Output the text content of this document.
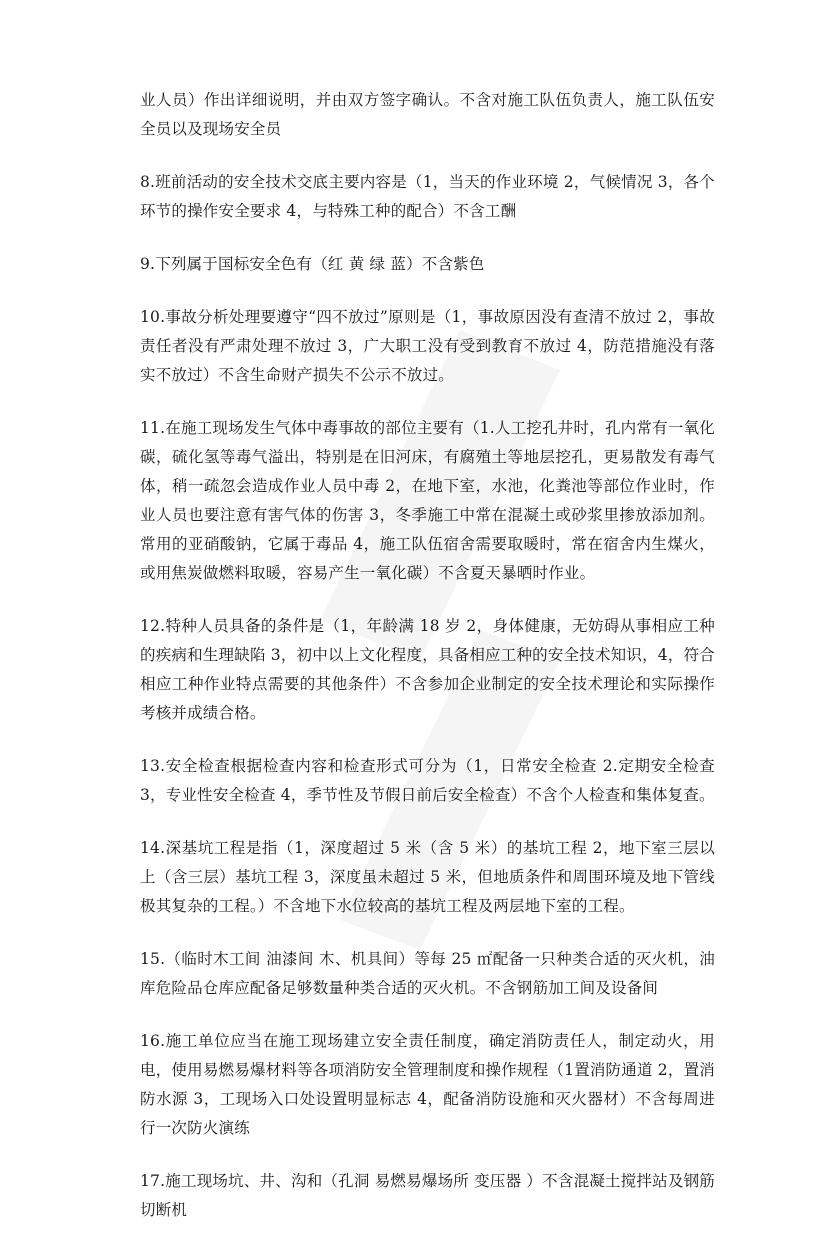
业人员）作出详细说明，并由双方签字确认。不含对施工队伍负责人，施工队伍安全员以及现场安全员

8.班前活动的安全技术交底主要内容是（1，当天的作业环境 2，气候情况 3，各个环节的操作安全要求 4，与特殊工种的配合）不含工酬

9.下列属于国标安全色有（红 黄 绿 蓝）不含紫色

10.事故分析处理要遵守“四不放过”原则是（1，事故原因没有查清不放过 2，事故责任者没有严肃处理不放过 3，广大职工没有受到教育不放过 4，防范措施没有落实不放过）不含生命财产损失不公示不放过。

11.在施工现场发生气体中毒事故的部位主要有（1.人工挖孔井时，孔内常有一氧化碳，硫化氢等毒气溢出，特别是在旧河床，有腐殖土等地层挖孔，更易散发有毒气体，稍一疏忽会造成作业人员中毒 2，在地下室，水池，化粪池等部位作业时，作业人员也要注意有害气体的伤害 3，冬季施工中常在混凝土或砂浆里掺放添加剂。常用的亚硝酸钠，它属于毒品 4，施工队伍宿舍需要取暖时，常在宿舍内生煤火，或用焦炭做燃料取暖，容易产生一氧化碳）不含夏天暴晒时作业。

12.特种人员具备的条件是（1，年龄满 18 岁 2，身体健康，无妨碍从事相应工种的疾病和生理缺陷 3，初中以上文化程度，具备相应工种的安全技术知识，4，符合相应工种作业特点需要的其他条件）不含参加企业制定的安全技术理论和实际操作考核并成绩合格。

13.安全检查根据检查内容和检查形式可分为（1，日常安全检查 2.定期安全检查 3，专业性安全检查 4，季节性及节假日前后安全检查）不含个人检查和集体复查。

14.深基坑工程是指（1，深度超过 5 米（含 5 米）的基坑工程 2，地下室三层以上（含三层）基坑工程 3，深度虽未超过 5 米，但地质条件和周围环境及地下管线极其复杂的工程。）不含地下水位较高的基坑工程及两层地下室的工程。

15.（临时木工间 油漆间 木、机具间）等每 25 ㎡配备一只种类合适的灭火机，油库危险品仓库应配备足够数量种类合适的灭火机。不含钢筋加工间及设备间

16.施工单位应当在施工现场建立安全责任制度，确定消防责任人，制定动火，用电，使用易燃易爆材料等各项消防安全管理制度和操作规程（1置消防通道 2，置消防水源 3，工现场入口处设置明显标志 4，配备消防设施和灭火器材）不含每周进行一次防火演练

17.施工现场坑、井、沟和（孔洞 易燃易爆场所 变压器 ）不含混凝土搅拌站及钢筋切断机
